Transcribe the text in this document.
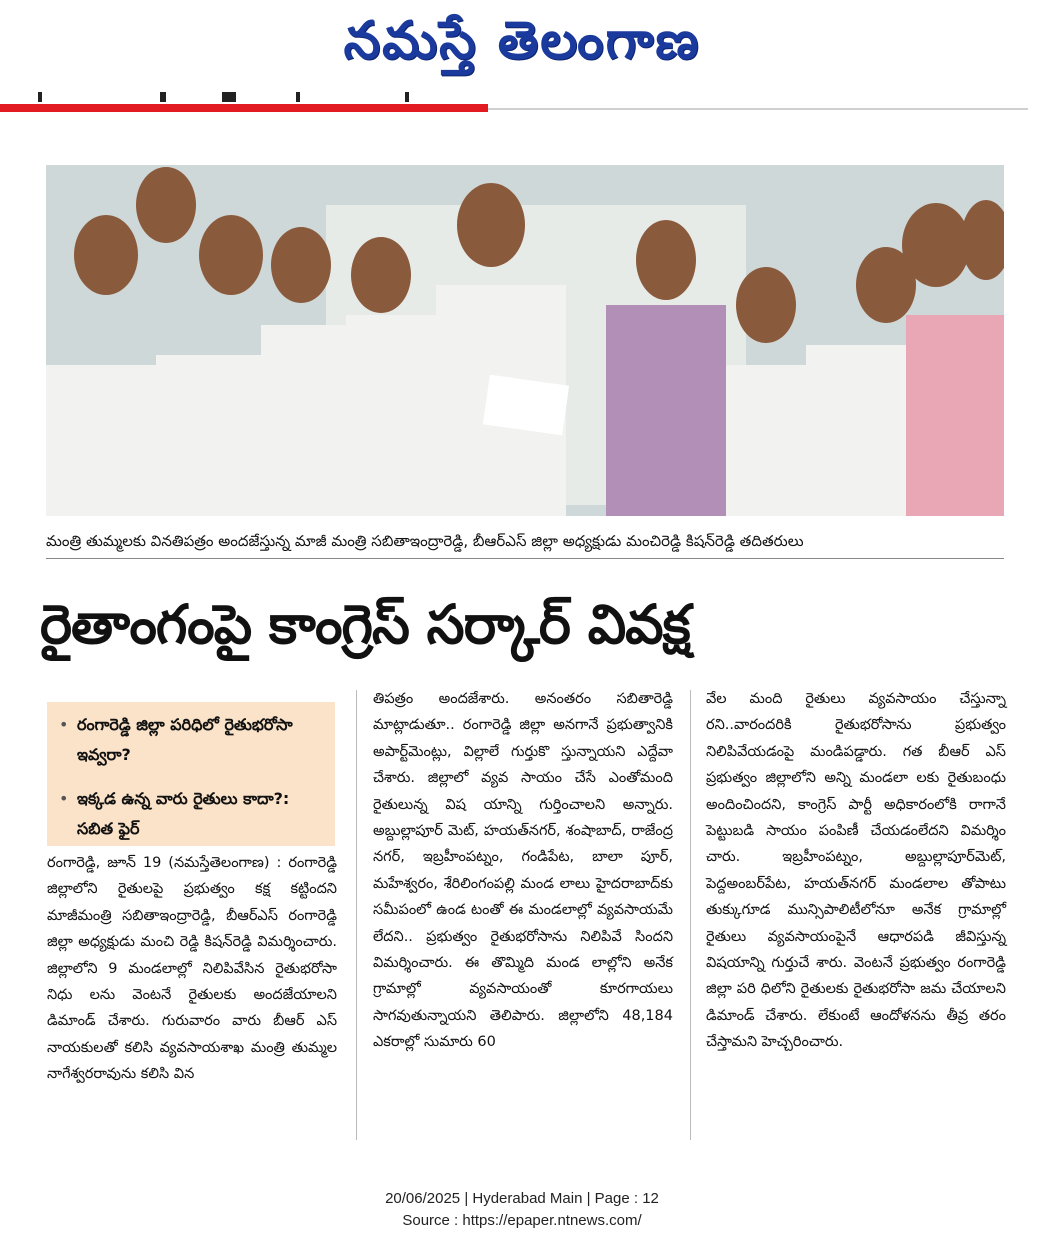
నమస్తే తెలంగాణ
మంత్రి తుమ్మలకు వినతిపత్రం అందజేస్తున్న మాజీ మంత్రి సబితాఇంద్రారెడ్డి, బీఆర్‌ఎస్ జిల్లా అధ్యక్షుడు మంచిరెడ్డి కిషన్‌రెడ్డి తదితరులు
రైతాంగంపై కాంగ్రెస్ సర్కార్ వివక్ష
• రంగారెడ్డి జిల్లా పరిధిలో రైతుభరోసా ఇవ్వరా?
• ఇక్కడ ఉన్న వారు రైతులు కాదా?: సబిత ఫైర్
రంగారెడ్డి, జూన్ 19 (నమస్తేతెలంగాణ) : రంగారెడ్డి జిల్లాలోని రైతులపై ప్రభుత్వం కక్ష కట్టిందని మాజీమంత్రి సబితాఇంద్రారెడ్డి, బీఆర్‌ఎస్ రంగారెడ్డి జిల్లా అధ్యక్షుడు మంచి రెడ్డి కిషన్‌రెడ్డి విమర్శించారు. జిల్లాలోని 9 మండలాల్లో నిలిపివేసిన రైతుభరోసా నిధు లను వెంటనే రైతులకు అందజేయాలని డిమాండ్ చేశారు. గురువారం వారు బీఆర్ ఎస్ నాయకులతో కలిసి వ్యవసాయశాఖ మంత్రి తుమ్మల నాగేశ్వరరావును కలిసి విన
తిపత్రం అందజేశారు. అనంతరం సబితారెడ్డి మాట్లాడుతూ.. రంగారెడ్డి జిల్లా అనగానే ప్రభుత్వానికి అపార్ట్‌మెంట్లు, విల్లాలే గుర్తుకొ స్తున్నాయని ఎద్దేవా చేశారు. జిల్లాలో వ్యవ సాయం చేసే ఎంతోమంది రైతులున్న విష యాన్ని గుర్తించాలని అన్నారు. అబ్దుల్లాపూర్ మెట్, హయత్‌నగర్, శంషాబాద్, రాజేంద్ర నగర్, ఇబ్రహీంపట్నం, గండిపేట, బాలా పూర్, మహేశ్వరం, శేరిలింగంపల్లి మండ లాలు హైదరాబాద్‌కు సమీపంలో ఉండ టంతో ఈ మండలాల్లో వ్యవసాయమే లేదని.. ప్రభుత్వం రైతుభరోసాను నిలిపివే సిందని విమర్శించారు. ఈ తొమ్మిది మండ లాల్లోని అనేక గ్రామాల్లో వ్యవసాయంతో కూరగాయలు సాగవుతున్నాయని తెలిపారు. జిల్లాలోని 48,184 ఎకరాల్లో సుమారు 60
వేల మంది రైతులు వ్యవసాయం చేస్తున్నా రని..వారందరికి రైతుభరోసాను ప్రభుత్వం నిలిపివేయడంపై మండిపడ్డారు. గత బీఆర్ ఎస్ ప్రభుత్వం జిల్లాలోని అన్ని మండలా లకు రైతుబంధు అందించిందని, కాంగ్రెస్ పార్టీ అధికారంలోకి రాగానే పెట్టుబడి సాయం పంపిణీ చేయడంలేదని విమర్శిం చారు. ఇబ్రహీంపట్నం, అబ్దుల్లాపూర్‌మెట్, పెద్దఅంబర్‌పేట, హయత్‌నగర్ మండలాల తోపాటు తుక్కుగూడ మున్సిపాలిటీలోనూ అనేక గ్రామాల్లో రైతులు వ్యవసాయంపైనే ఆధారపడి జీవిస్తున్న విషయాన్ని గుర్తుచే శారు. వెంటనే ప్రభుత్వం రంగారెడ్డి జిల్లా పరి ధిలోని రైతులకు రైతుభరోసా జమ చేయాలని డిమాండ్ చేశారు. లేకుంటే ఆందోళనను తీవ్ర తరం చేస్తామని హెచ్చరించారు.
20/06/2025 | Hyderabad Main | Page : 12
Source : https://epaper.ntnews.com/
